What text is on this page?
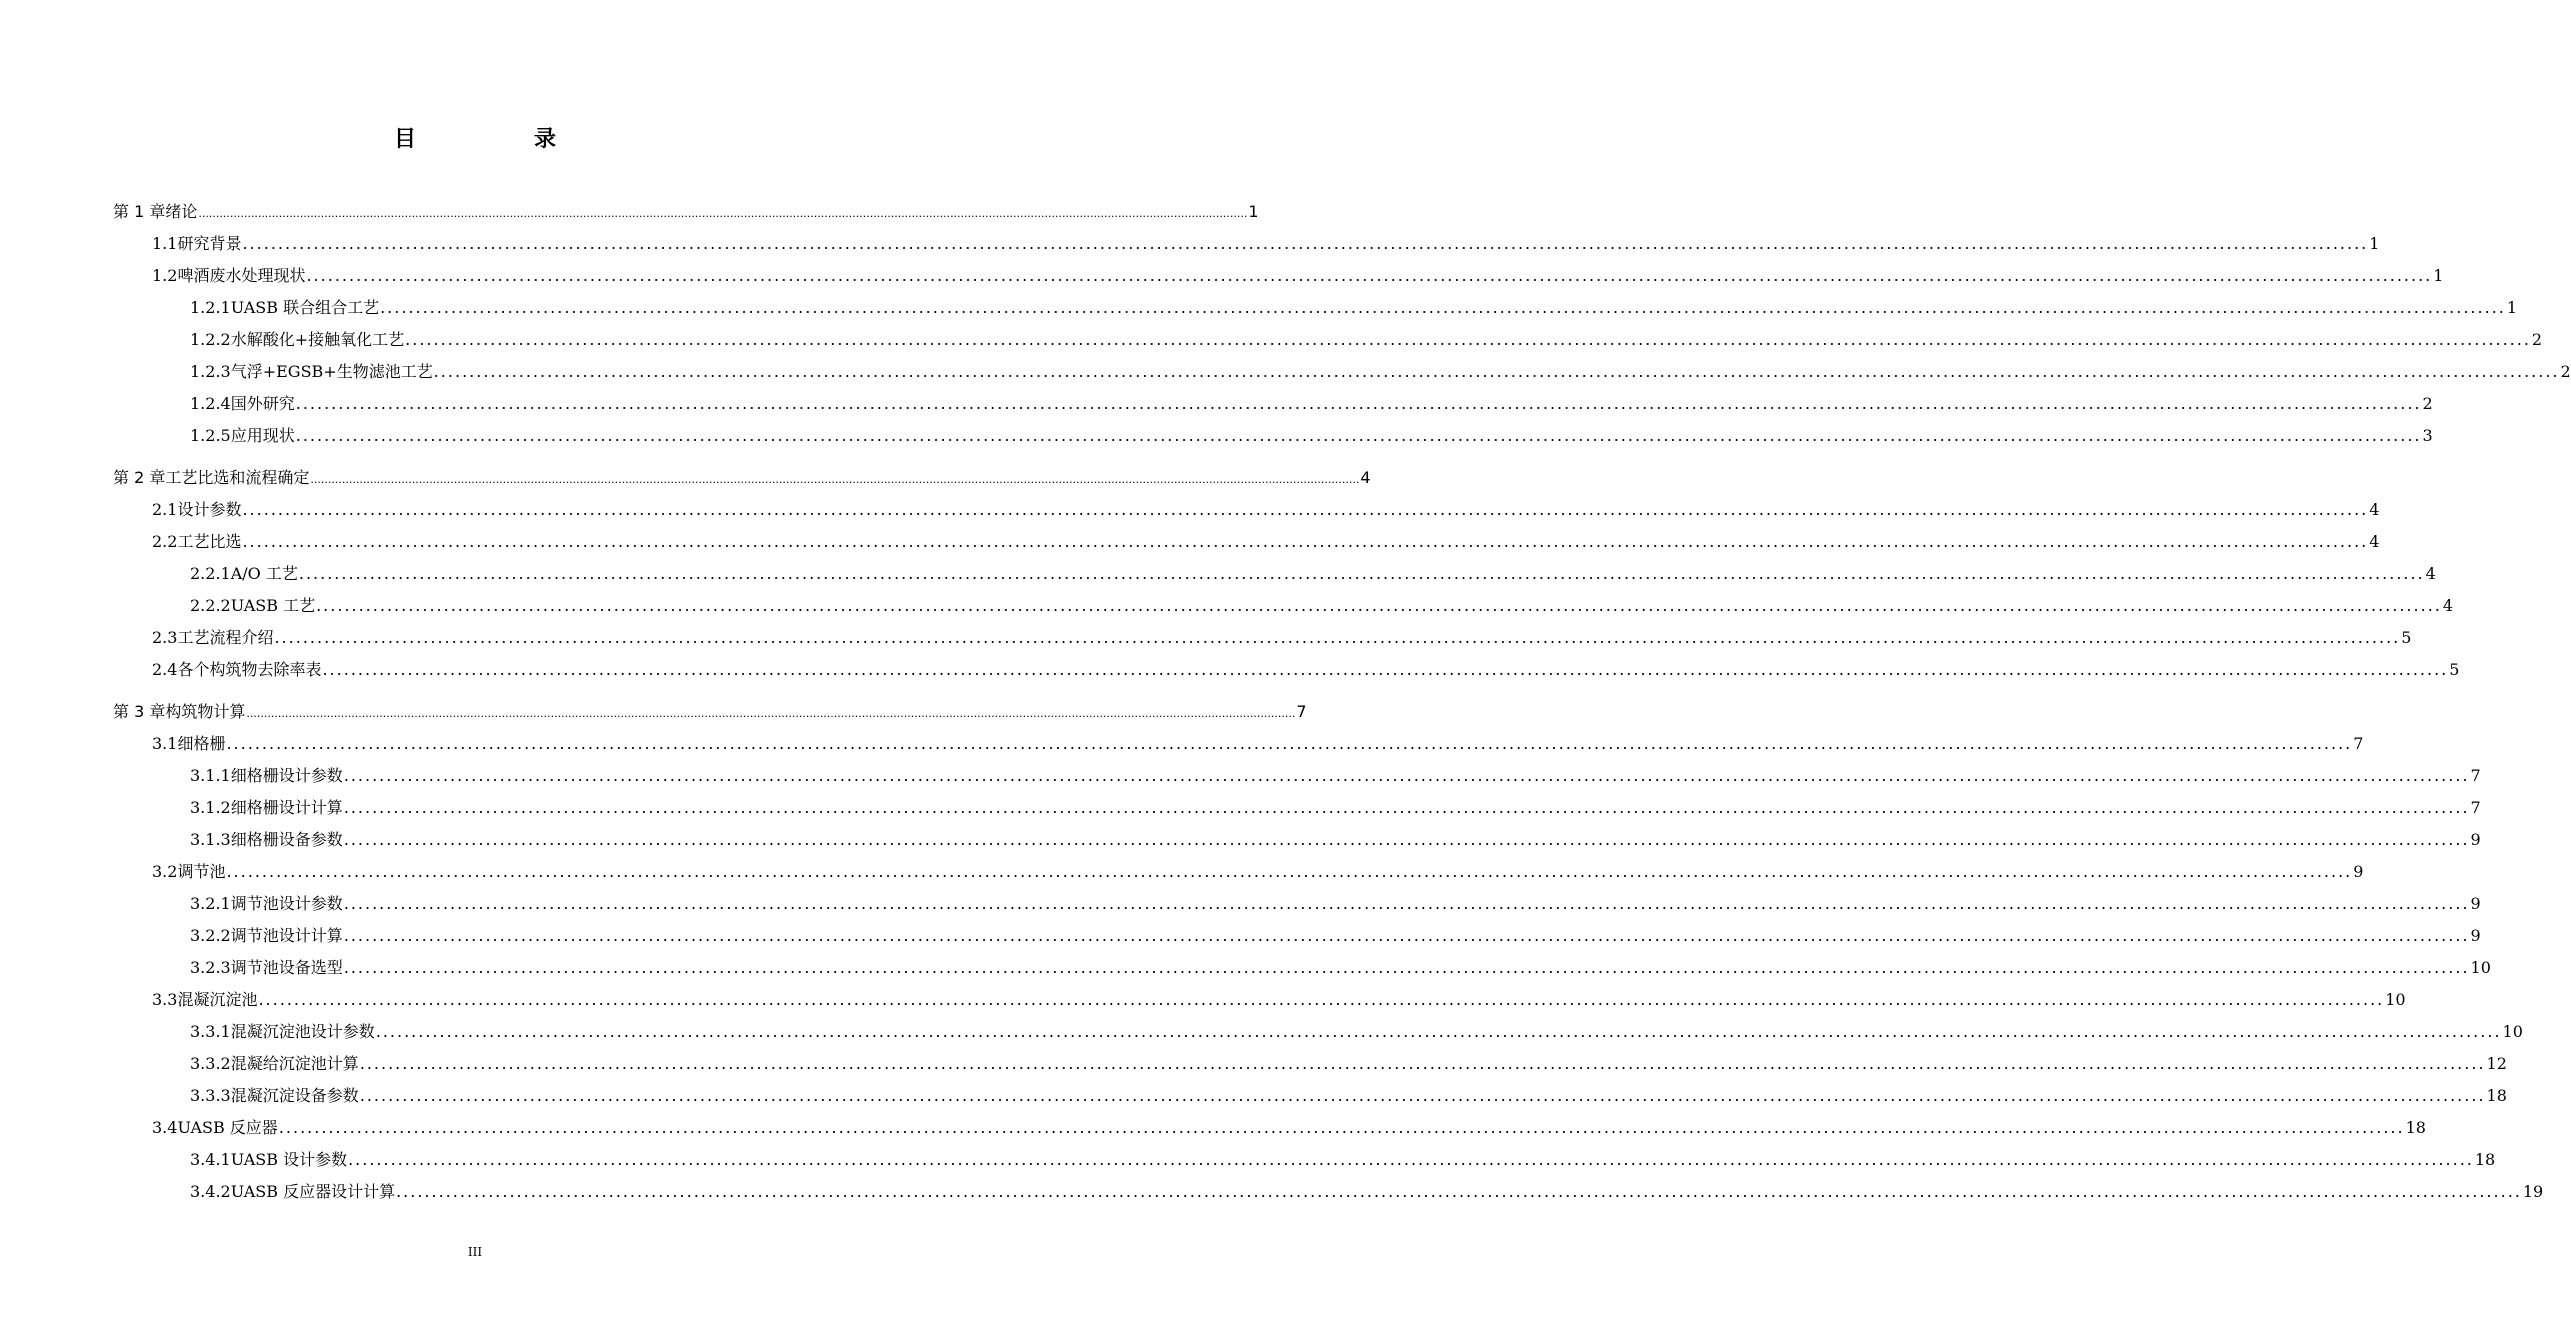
目　录
第 1 章 绪论 ............................................................................................................................................................................................................................................................................................................ 1
1.1 研究背景 ............................................................................................................................................................................................................................................................................................................ 1
1.2 啤酒废水处理现状 ............................................................................................................................................................................................................................................................................................................ 1
1.2.1 UASB 联合组合工艺 ............................................................................................................................................................................................................................................................................................................ 1
1.2.2 水解酸化+接触氧化工艺 ............................................................................................................................................................................................................................................................................................................ 2
1.2.3 气浮+EGSB+生物滤池工艺 ............................................................................................................................................................................................................................................................................................................ 2
1.2.4 国外研究 ............................................................................................................................................................................................................................................................................................................ 2
1.2.5 应用现状 ............................................................................................................................................................................................................................................................................................................ 3
第 2 章 工艺比选和流程确定 ............................................................................................................................................................................................................................................................................................................ 4
2.1 设计参数 ............................................................................................................................................................................................................................................................................................................ 4
2.2 工艺比选 ............................................................................................................................................................................................................................................................................................................ 4
2.2.1 A/O 工艺 ............................................................................................................................................................................................................................................................................................................ 4
2.2.2 UASB 工艺 ............................................................................................................................................................................................................................................................................................................ 4
2.3 工艺流程介绍 ............................................................................................................................................................................................................................................................................................................ 5
2.4 各个构筑物去除率表 ............................................................................................................................................................................................................................................................................................................ 5
第 3 章 构筑物计算 ............................................................................................................................................................................................................................................................................................................ 7
3.1 细格栅 ............................................................................................................................................................................................................................................................................................................ 7
3.1.1 细格栅设计参数 ............................................................................................................................................................................................................................................................................................................ 7
3.1.2 细格栅设计计算 ............................................................................................................................................................................................................................................................................................................ 7
3.1.3 细格栅设备参数 ............................................................................................................................................................................................................................................................................................................ 9
3.2 调节池 ............................................................................................................................................................................................................................................................................................................ 9
3.2.1 调节池设计参数 ............................................................................................................................................................................................................................................................................................................ 9
3.2.2 调节池设计计算 ............................................................................................................................................................................................................................................................................................................ 9
3.2.3 调节池设备选型 ............................................................................................................................................................................................................................................................................................................ 10
3.3 混凝沉淀池 ............................................................................................................................................................................................................................................................................................................ 10
3.3.1 混凝沉淀池设计参数 ............................................................................................................................................................................................................................................................................................................ 10
3.3.2 混凝给沉淀池计算 ............................................................................................................................................................................................................................................................................................................ 12
3.3.3 混凝沉淀设备参数 ............................................................................................................................................................................................................................................................................................................ 18
3.4 UASB 反应器 ............................................................................................................................................................................................................................................................................................................ 18
3.4.1 UASB 设计参数 ............................................................................................................................................................................................................................................................................................................ 18
3.4.2 UASB 反应器设计计算 ............................................................................................................................................................................................................................................................................................................ 19
III
